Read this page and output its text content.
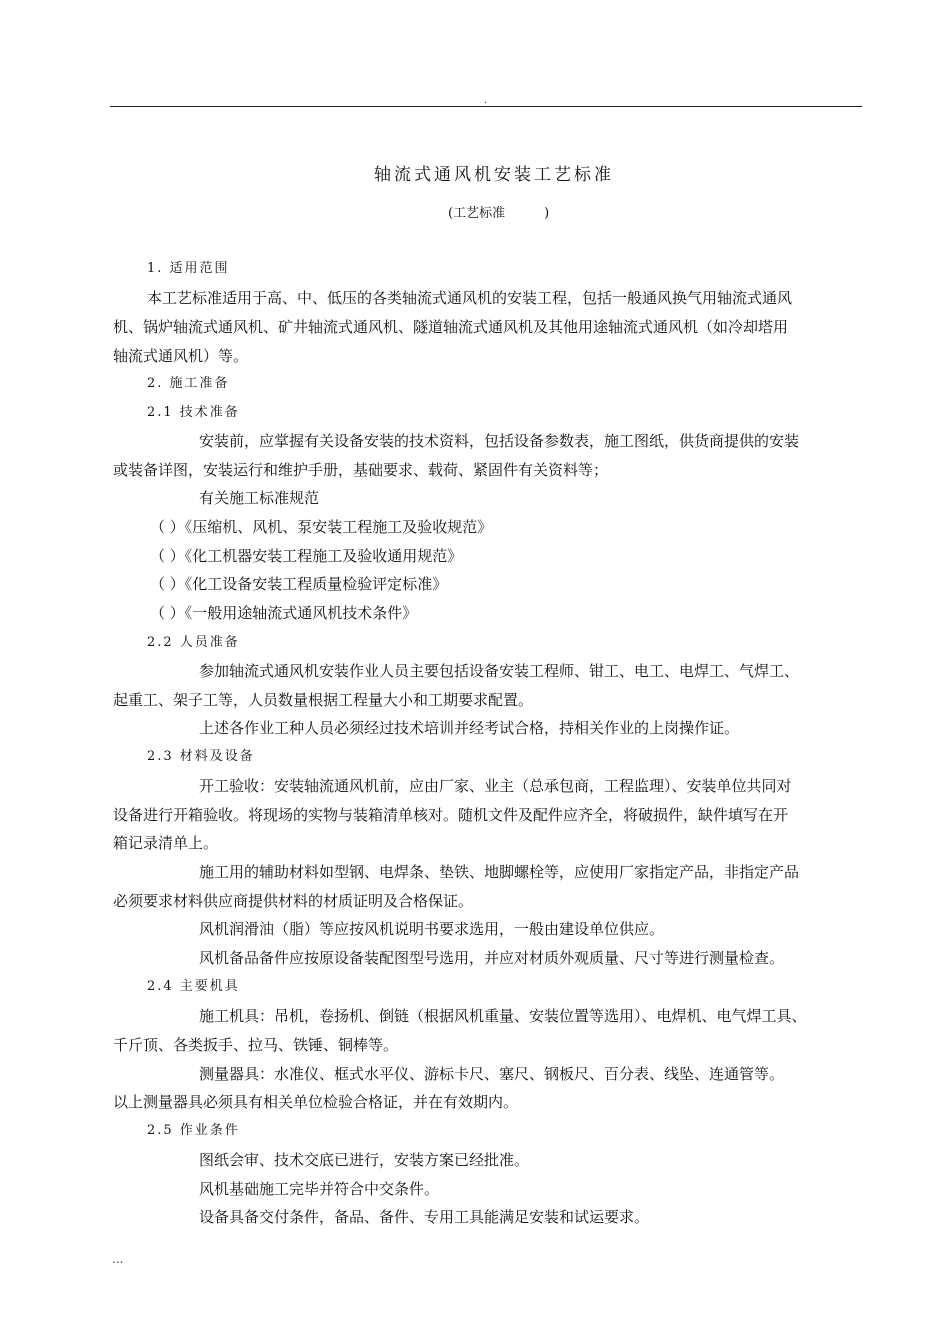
.	.
轴流式通风机安装工艺标准
(工艺标准　　　)
1. 适用范围
本工艺标准适用于高、中、低压的各类轴流式通风机的安装工程，包括一般通风换气用轴流式通风
机、锅炉轴流式通风机、矿井轴流式通风机、隧道轴流式通风机及其他用途轴流式通风机（如冷却塔用
轴流式通风机）等。
2. 施工准备
2.1 技术准备
安装前，应掌握有关设备安装的技术资料，包括设备参数表，施工图纸，供货商提供的安装
或装备详图，安装运行和维护手册，基础要求、载荷、紧固件有关资料等；
有关施工标准规范
（ ）《压缩机、风机、泵安装工程施工及验收规范》
（ ）《化工机器安装工程施工及验收通用规范》
（ ）《化工设备安装工程质量检验评定标准》
（ ）《一般用途轴流式通风机技术条件》
2.2 人员准备
参加轴流式通风机安装作业人员主要包括设备安装工程师、钳工、电工、电焊工、气焊工、
起重工、架子工等，人员数量根据工程量大小和工期要求配置。
上述各作业工种人员必须经过技术培训并经考试合格，持相关作业的上岗操作证。
2.3 材料及设备
开工验收：安装轴流通风机前，应由厂家、业主（总承包商，工程监理）、安装单位共同对
设备进行开箱验收。将现场的实物与装箱清单核对。随机文件及配件应齐全，将破损件，缺件填写在开
箱记录清单上。
施工用的辅助材料如型钢、电焊条、垫铁、地脚螺栓等，应使用厂家指定产品，非指定产品
必须要求材料供应商提供材料的材质证明及合格保证。
风机润滑油（脂）等应按风机说明书要求选用，一般由建设单位供应。
风机备品备件应按原设备装配图型号选用，并应对材质外观质量、尺寸等进行测量检查。
2.4 主要机具
施工机具：吊机，卷扬机、倒链（根据风机重量、安装位置等选用）、电焊机、电气焊工具、
千斤顶、各类扳手、拉马、铁锤、铜棒等。
测量器具：水准仪、框式水平仪、游标卡尺、塞尺、钢板尺、百分表、线坠、连通管等。
以上测量器具必须具有相关单位检验合格证，并在有效期内。
2.5 作业条件
图纸会审、技术交底已进行，安装方案已经批准。
风机基础施工完毕并符合中交条件。
设备具备交付条件，备品、备件、专用工具能满足安装和试运要求。
...
